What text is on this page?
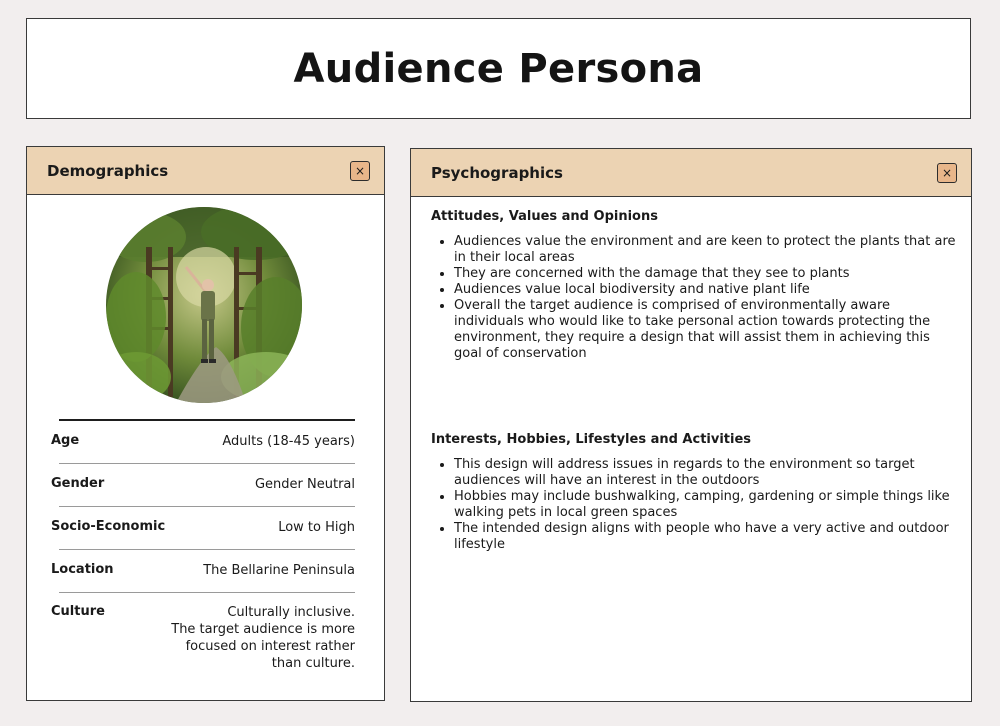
Audience Persona
Demographics	×
Age	Adults (18-45 years)
Gender	Gender Neutral
Socio-Economic	Low to High
Location	The Bellarine Peninsula
Culture	Culturally inclusive.
The target audience is more
focused on interest rather
than culture.
Psychographics	×
Attitudes, Values and Opinions
• Audiences value the environment and are keen to protect the plants that are in their local areas
• They are concerned with the damage that they see to plants
• Audiences value local biodiversity and native plant life
• Overall the target audience is comprised of environmentally aware individuals who would like to take personal action towards protecting the environment, they require a design that will assist them in achieving this goal of conservation
Interests, Hobbies, Lifestyles and Activities
• This design will address issues in regards to the environment so target audiences will have an interest in the outdoors
• Hobbies may include bushwalking, camping, gardening or simple things like walking pets in local green spaces
• The intended design aligns with people who have a very active and outdoor lifestyle
